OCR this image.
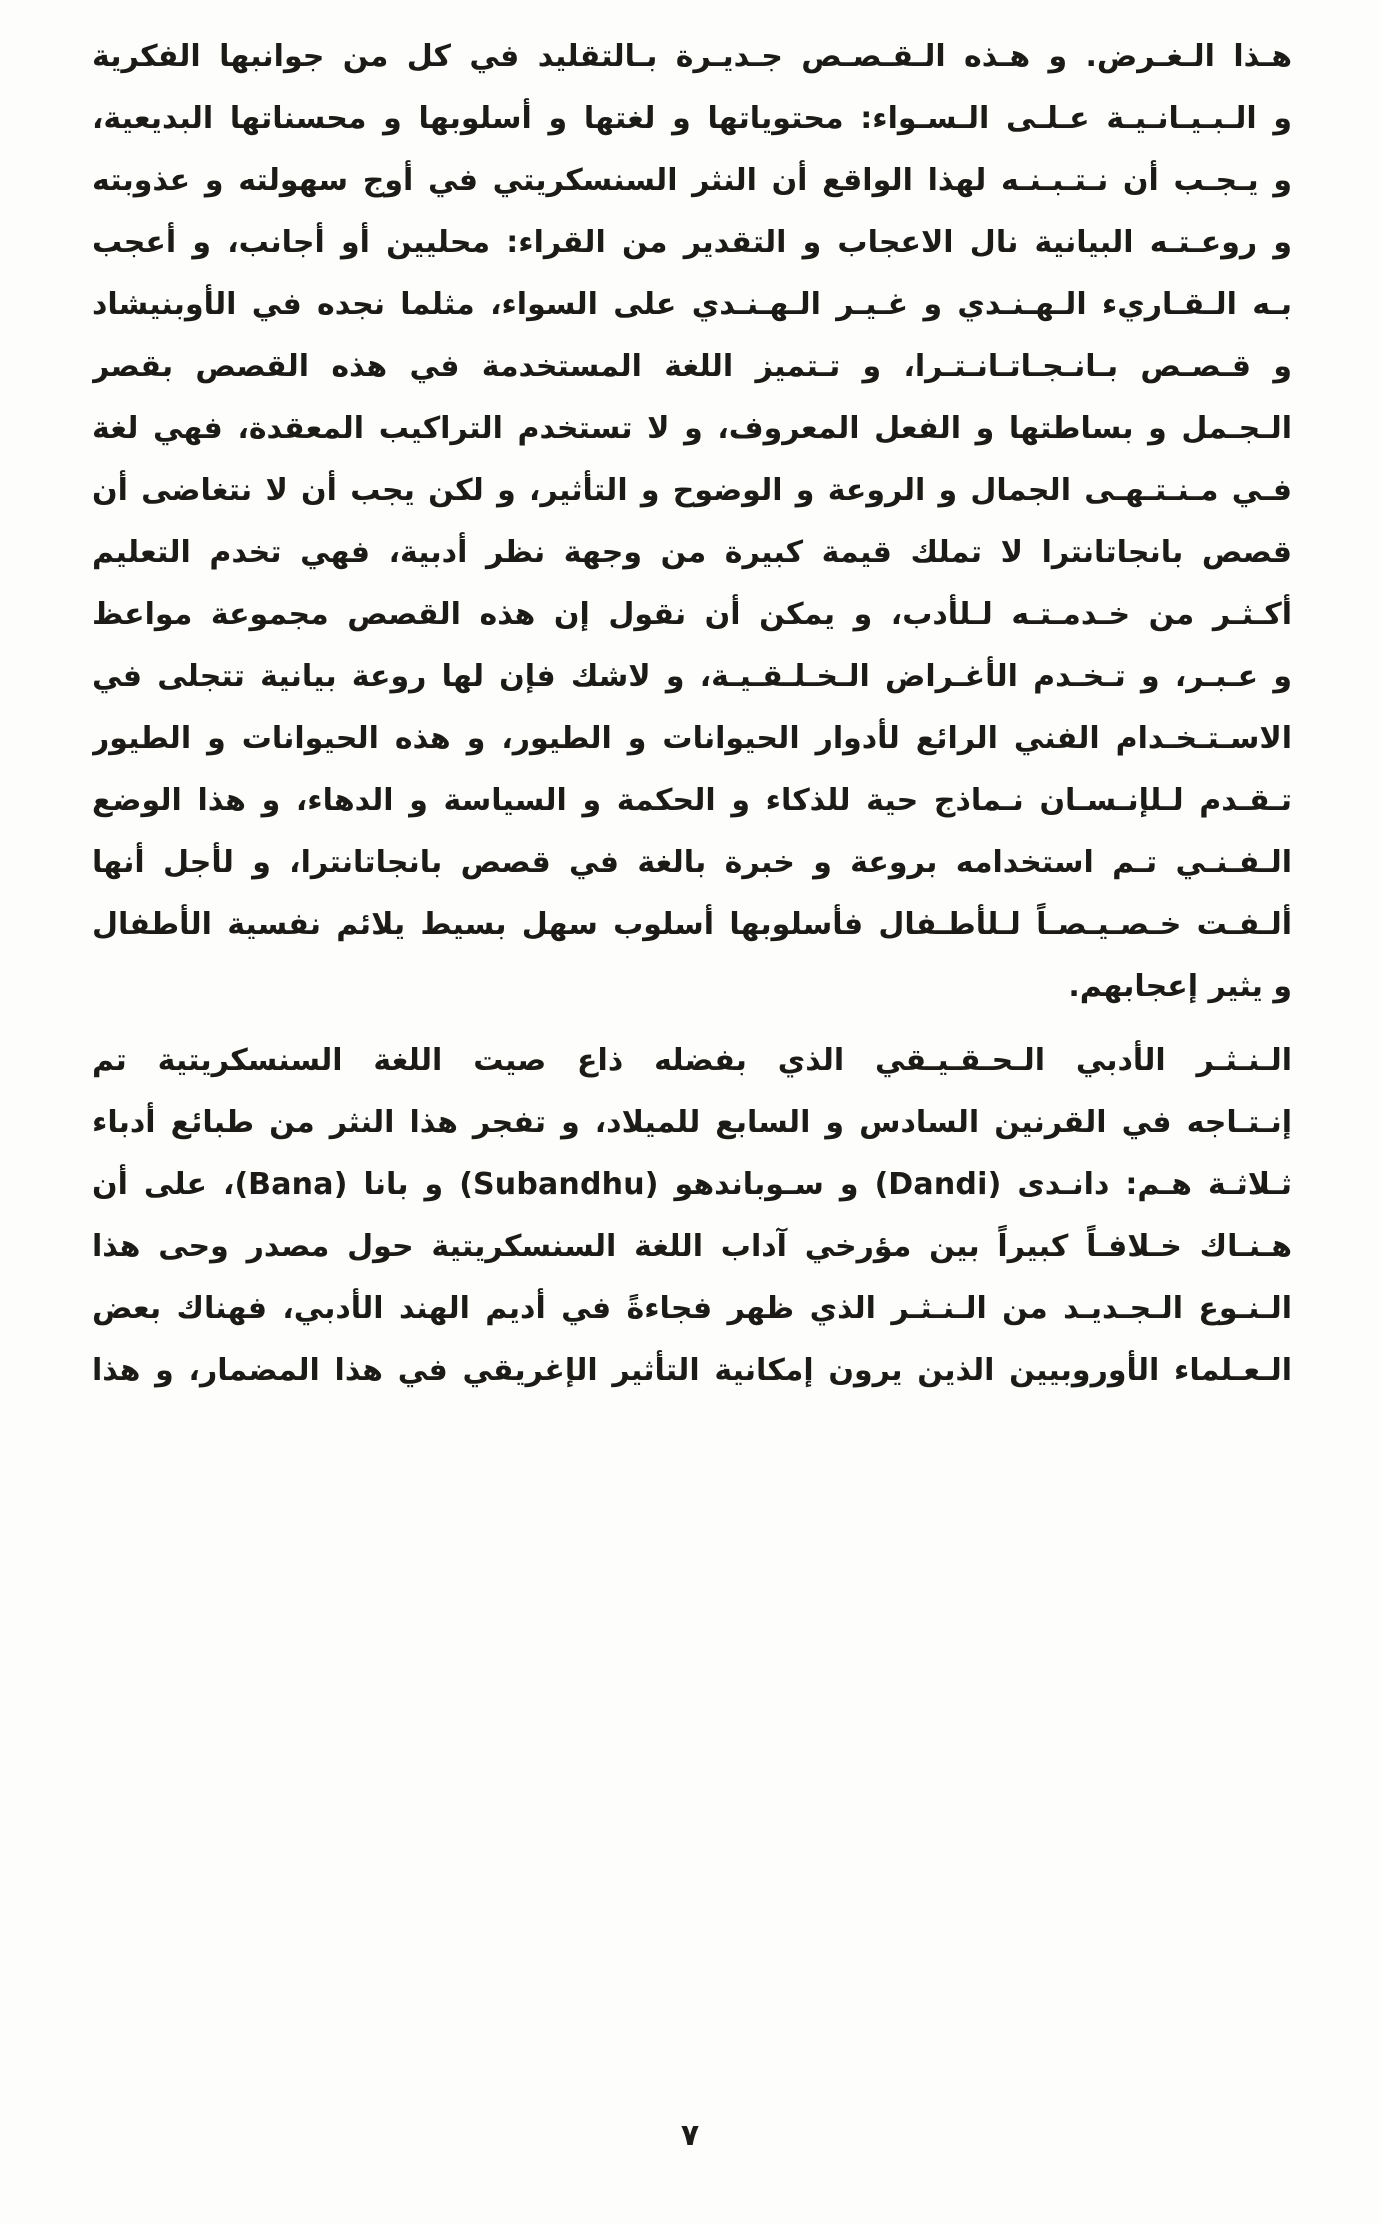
هـذا الـغـرض. و هـذه الـقـصـص جـديـرة بـالتقليد في كل من جوانبها الفكرية
و الـبـيـانـيـة عـلـى الـسـواء: محتوياتها و لغتها و أسلوبها و محسناتها البديعية،
و يـجـب أن نـتـبـنـه لهذا الواقع أن النثر السنسكريتي في أوج سهولته و عذوبته
و روعـتـه البيانية نال الاعجاب و التقدير من القراء: محليين أو أجانب، و أعجب
بـه الـقـاريء الـهـنـدي و غـيـر الـهـنـدي على السواء، مثلما نجده في الأوبنيشاد
و قـصـص بـانـجـاتـانـتـرا، و تـتميز اللغة المستخدمة في هذه القصص بقصر
الـجـمل و بساطتها و الفعل المعروف، و لا تستخدم التراكيب المعقدة، فهي لغة
فـي مـنـتـهـى الجمال و الروعة و الوضوح و التأثير، و لكن يجب أن لا نتغاضى أن
قصص بانجاتانترا لا تملك قيمة كبيرة من وجهة نظر أدبية، فهي تخدم التعليم
أكـثـر من خـدمـتـه لـلأدب، و يمكن أن نقول إن هذه القصص مجموعة مواعظ
و عـبـر، و تـخـدم الأغـراض الـخـلـقـيـة، و لاشك فإن لها روعة بيانية تتجلى في
الاسـتـخـدام الفني الرائع لأدوار الحيوانات و الطيور، و هذه الحيوانات و الطيور
تـقـدم لـلإنـسـان نـماذج حية للذكاء و الحكمة و السياسة و الدهاء، و هذا الوضع
الـفـنـي تـم استخدامه بروعة و خبرة بالغة في قصص بانجاتانترا، و لأجل أنها
ألـفـت خـصـيـصـاً لـلأطـفال فأسلوبها أسلوب سهل بسيط يلائم نفسية الأطفال
و يثير إعجابهم.
الـنـثـر الأدبي الـحـقـيـقي الذي بفضله ذاع صيت اللغة السنسكريتية تم
إنـتـاجه في القرنين السادس و السابع للميلاد، و تفجر هذا النثر من طبائع أدباء
ثـلاثـة هـم: دانـدى (Dandi) و سـوباندهو (Subandhu) و بانا (Bana)، على أن
هـنـاك خـلافـاً كبيراً بين مؤرخي آداب اللغة السنسكريتية حول مصدر وحى هذا
الـنـوع الـجـديـد من الـنـثـر الذي ظهر فجاءةً في أديم الهند الأدبي، فهناك بعض
الـعـلماء الأوروبيين الذين يرون إمكانية التأثير الإغريقي في هذا المضمار، و هذا
٧
